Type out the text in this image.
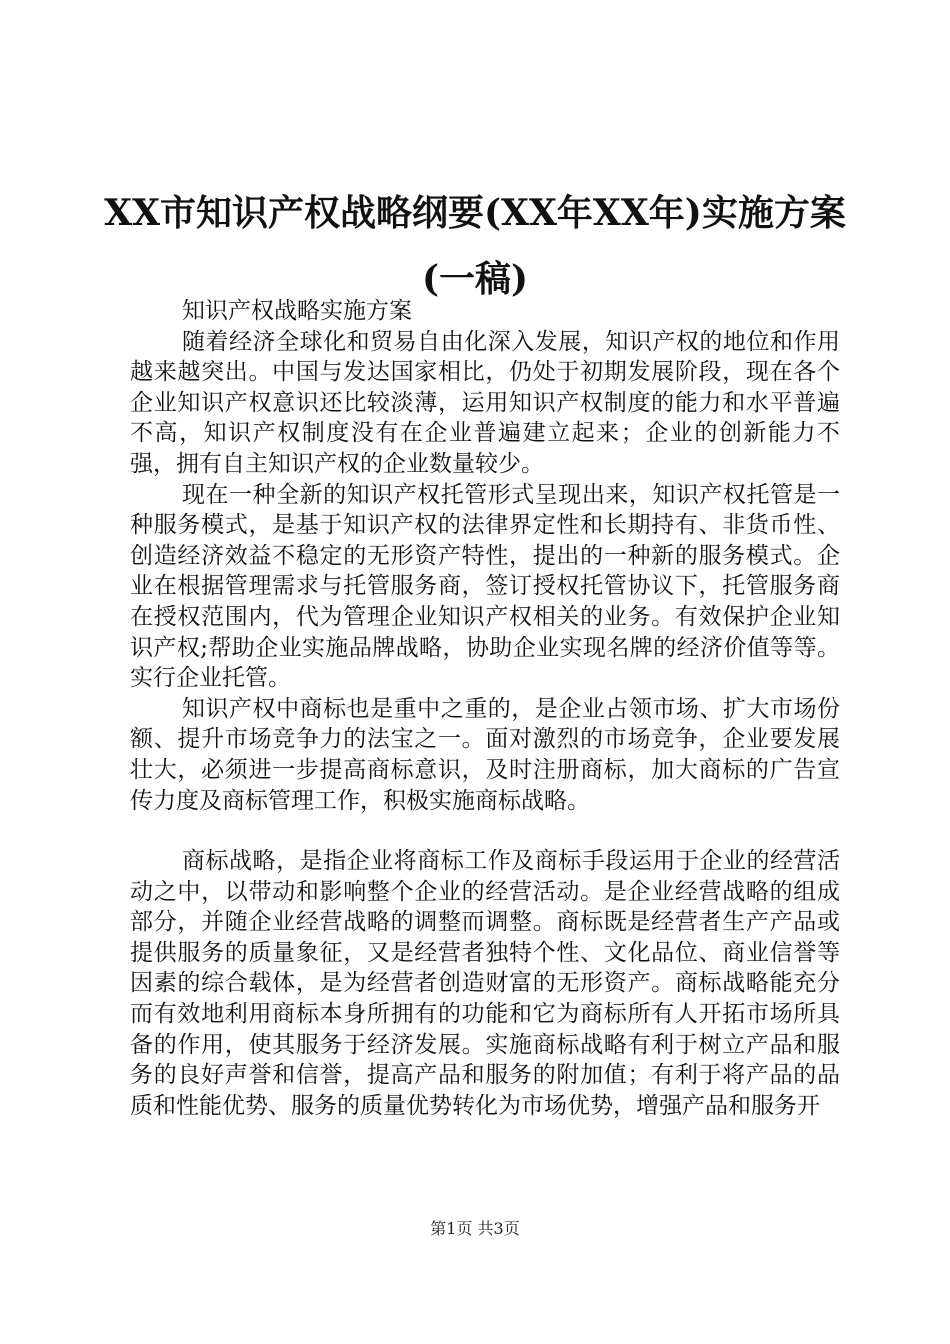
XX市知识产权战略纲要(XX年XX年)实施方案
(一稿)

知识产权战略实施方案

随着经济全球化和贸易自由化深入发展，知识产权的地位和作用越来越突出。中国与发达国家相比，仍处于初期发展阶段，现在各个企业知识产权意识还比较淡薄，运用知识产权制度的能力和水平普遍不高，知识产权制度没有在企业普遍建立起来；企业的创新能力不强，拥有自主知识产权的企业数量较少。

现在一种全新的知识产权托管形式呈现出来，知识产权托管是一种服务模式，是基于知识产权的法律界定性和长期持有、非货币性、创造经济效益不稳定的无形资产特性，提出的一种新的服务模式。企业在根据管理需求与托管服务商，签订授权托管协议下，托管服务商在授权范围内，代为管理企业知识产权相关的业务。有效保护企业知识产权;帮助企业实施品牌战略，协助企业实现名牌的经济价值等等。实行企业托管。

知识产权中商标也是重中之重的，是企业占领市场、扩大市场份额、提升市场竞争力的法宝之一。面对激烈的市场竞争，企业要发展壮大，必须进一步提高商标意识，及时注册商标，加大商标的广告宣传力度及商标管理工作，积极实施商标战略。

商标战略，是指企业将商标工作及商标手段运用于企业的经营活动之中，以带动和影响整个企业的经营活动。是企业经营战略的组成部分，并随企业经营战略的调整而调整。商标既是经营者生产产品或提供服务的质量象征，又是经营者独特个性、文化品位、商业信誉等因素的综合载体，是为经营者创造财富的无形资产。商标战略能充分而有效地利用商标本身所拥有的功能和它为商标所有人开拓市场所具备的作用，使其服务于经济发展。实施商标战略有利于树立产品和服务的良好声誉和信誉，提高产品和服务的附加值；有利于将产品的品质和性能优势、服务的质量优势转化为市场优势，增强产品和服务开

第1页 共3页
